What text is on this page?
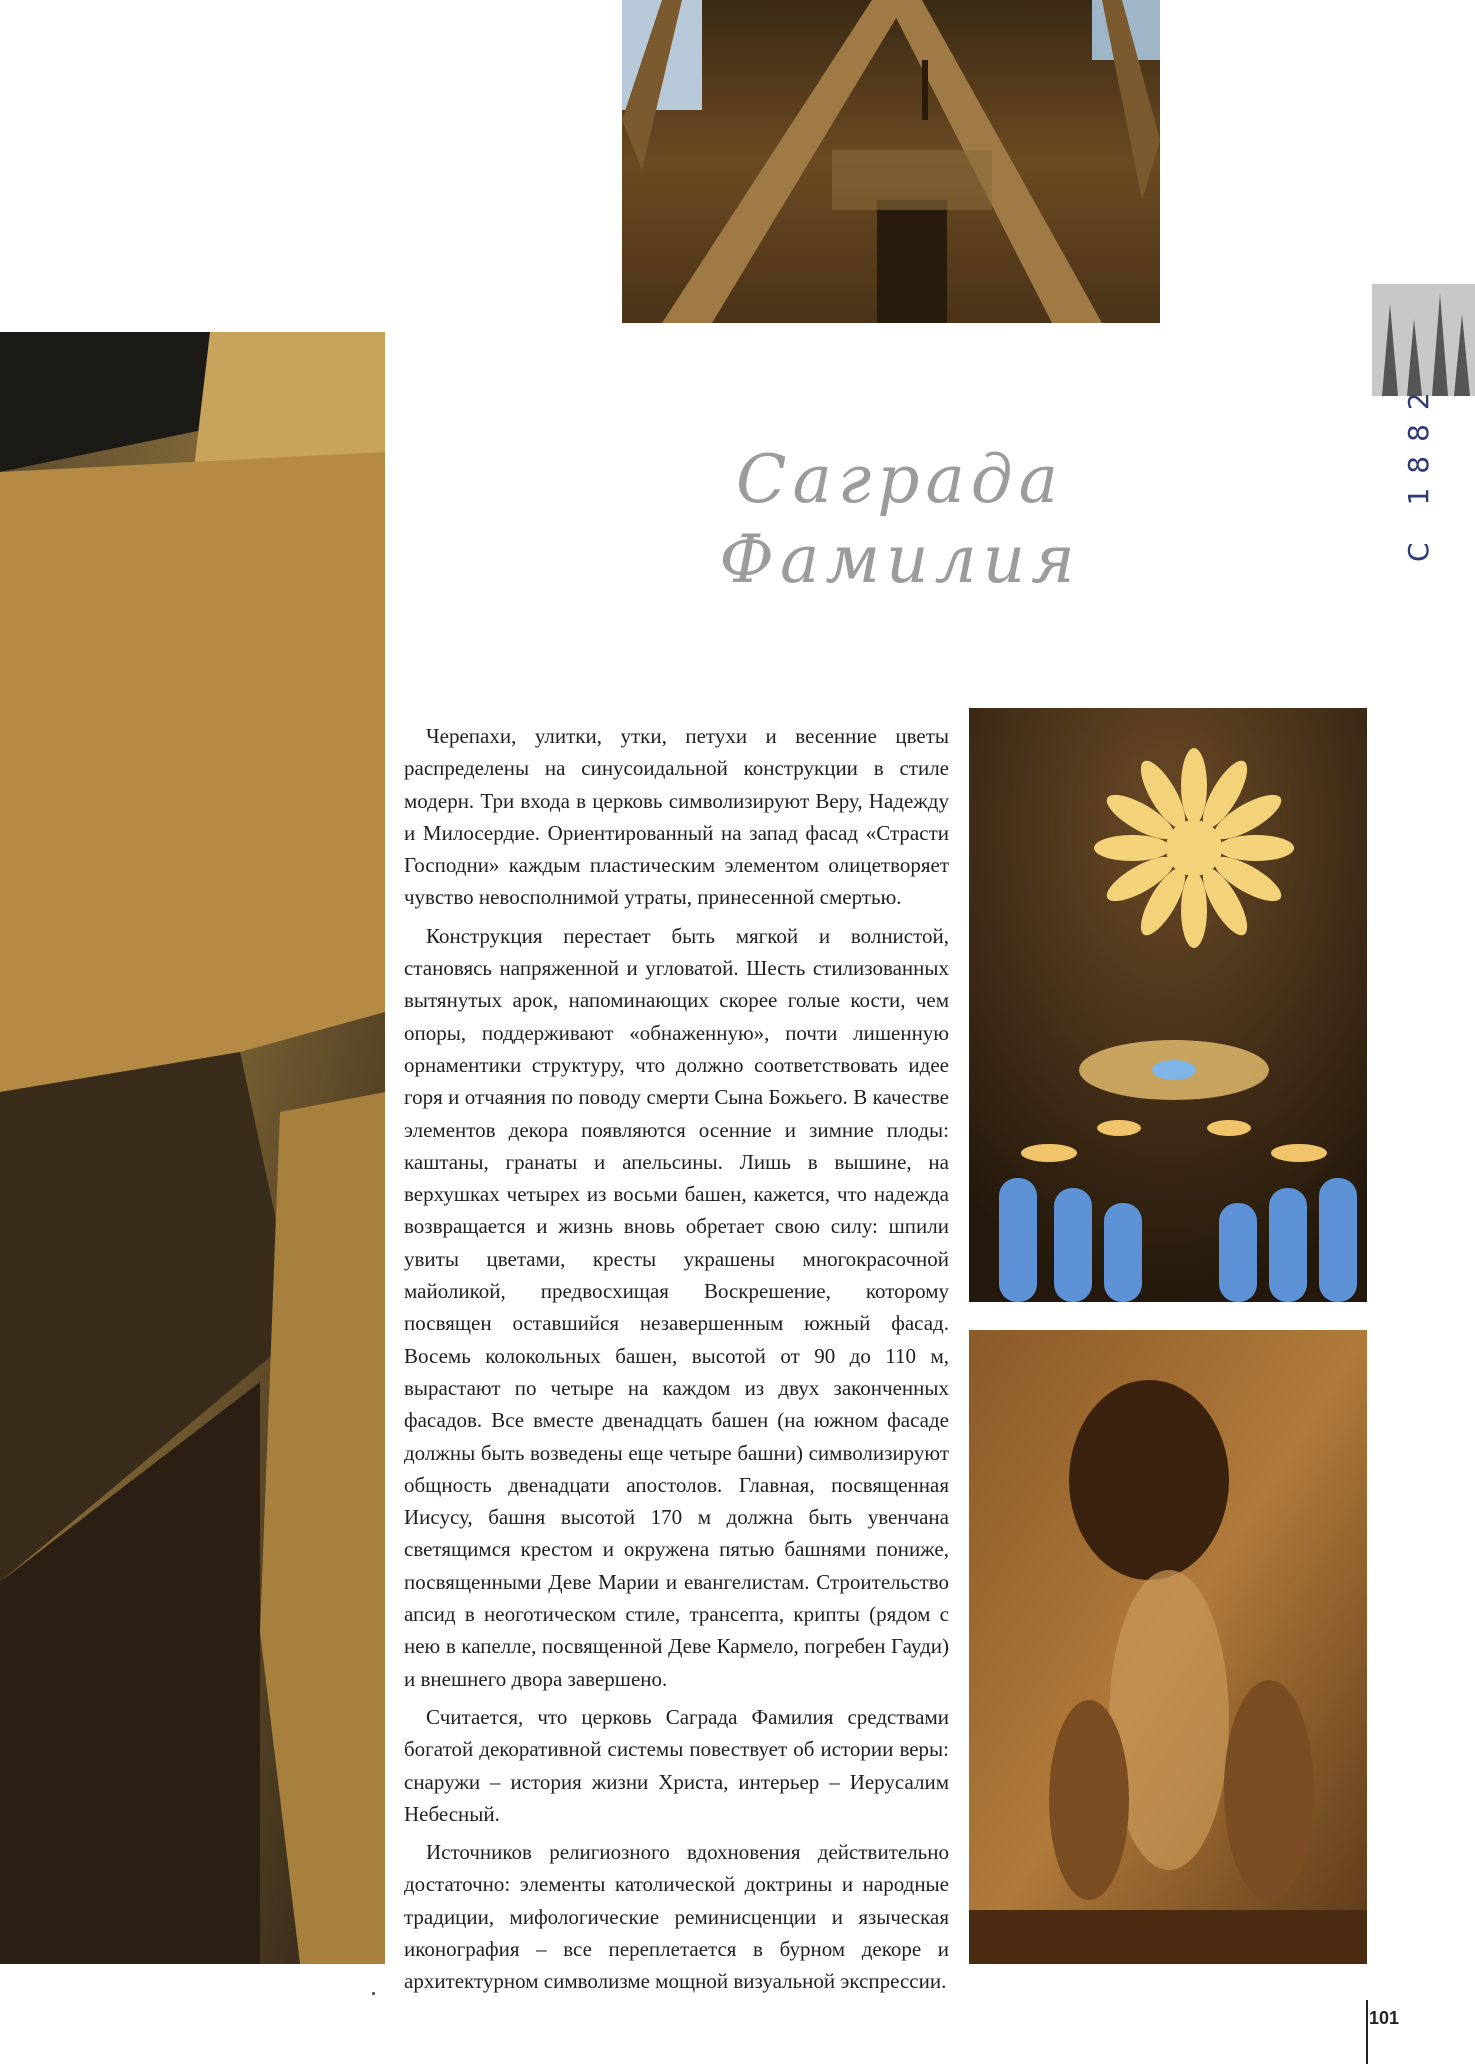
С 1882
Саграда
Фамилия

Черепахи, улитки, утки, петухи и весенние цветы распределены на синусоидальной конструкции в стиле модерн. Три входа в церковь символизируют Веру, Надежду и Милосердие. Ориентированный на запад фасад «Страсти Господни» каждым пластическим элементом олицетворяет чувство невосполнимой утраты, принесенной смертью.

Конструкция перестает быть мягкой и волнистой, становясь напряженной и угловатой. Шесть стилизованных вытянутых арок, напоминающих скорее голые кости, чем опоры, поддерживают «обнаженную», почти лишенную орнаментики структуру, что должно соответствовать идее горя и отчаяния по поводу смерти Сына Божьего. В качестве элементов декора появляются осенние и зимние плоды: каштаны, гранаты и апельсины. Лишь в вышине, на верхушках четырех из восьми башен, кажется, что надежда возвращается и жизнь вновь обретает свою силу: шпили увиты цветами, кресты украшены многокрасочной майоликой, предвосхищая Воскрешение, которому посвящен оставшийся незавершенным южный фасад. Восемь колокольных башен, высотой от 90 до 110 м, вырастают по четыре на каждом из двух законченных фасадов. Все вместе двенадцать башен (на южном фасаде должны быть возведены еще четыре башни) символизируют общность двенадцати апостолов. Главная, посвященная Иисусу, башня высотой 170 м должна быть увенчана светящимся крестом и окружена пятью башнями пониже, посвященными Деве Марии и евангелистам. Строительство апсид в неоготическом стиле, трансепта, крипты (рядом с нею в капелле, посвященной Деве Кармело, погребен Гауди) и внешнего двора завершено.

Считается, что церковь Саграда Фамилия средствами богатой декоративной системы повествует об истории веры: снаружи – история жизни Христа, интерьер – Иерусалим Небесный.

Источников религиозного вдохновения действительно достаточно: элементы католической доктрины и народные традиции, мифологические реминисценции и языческая иконография – все переплетается в бурном декоре и архитектурном символизме мощной визуальной экспрессии.

101
